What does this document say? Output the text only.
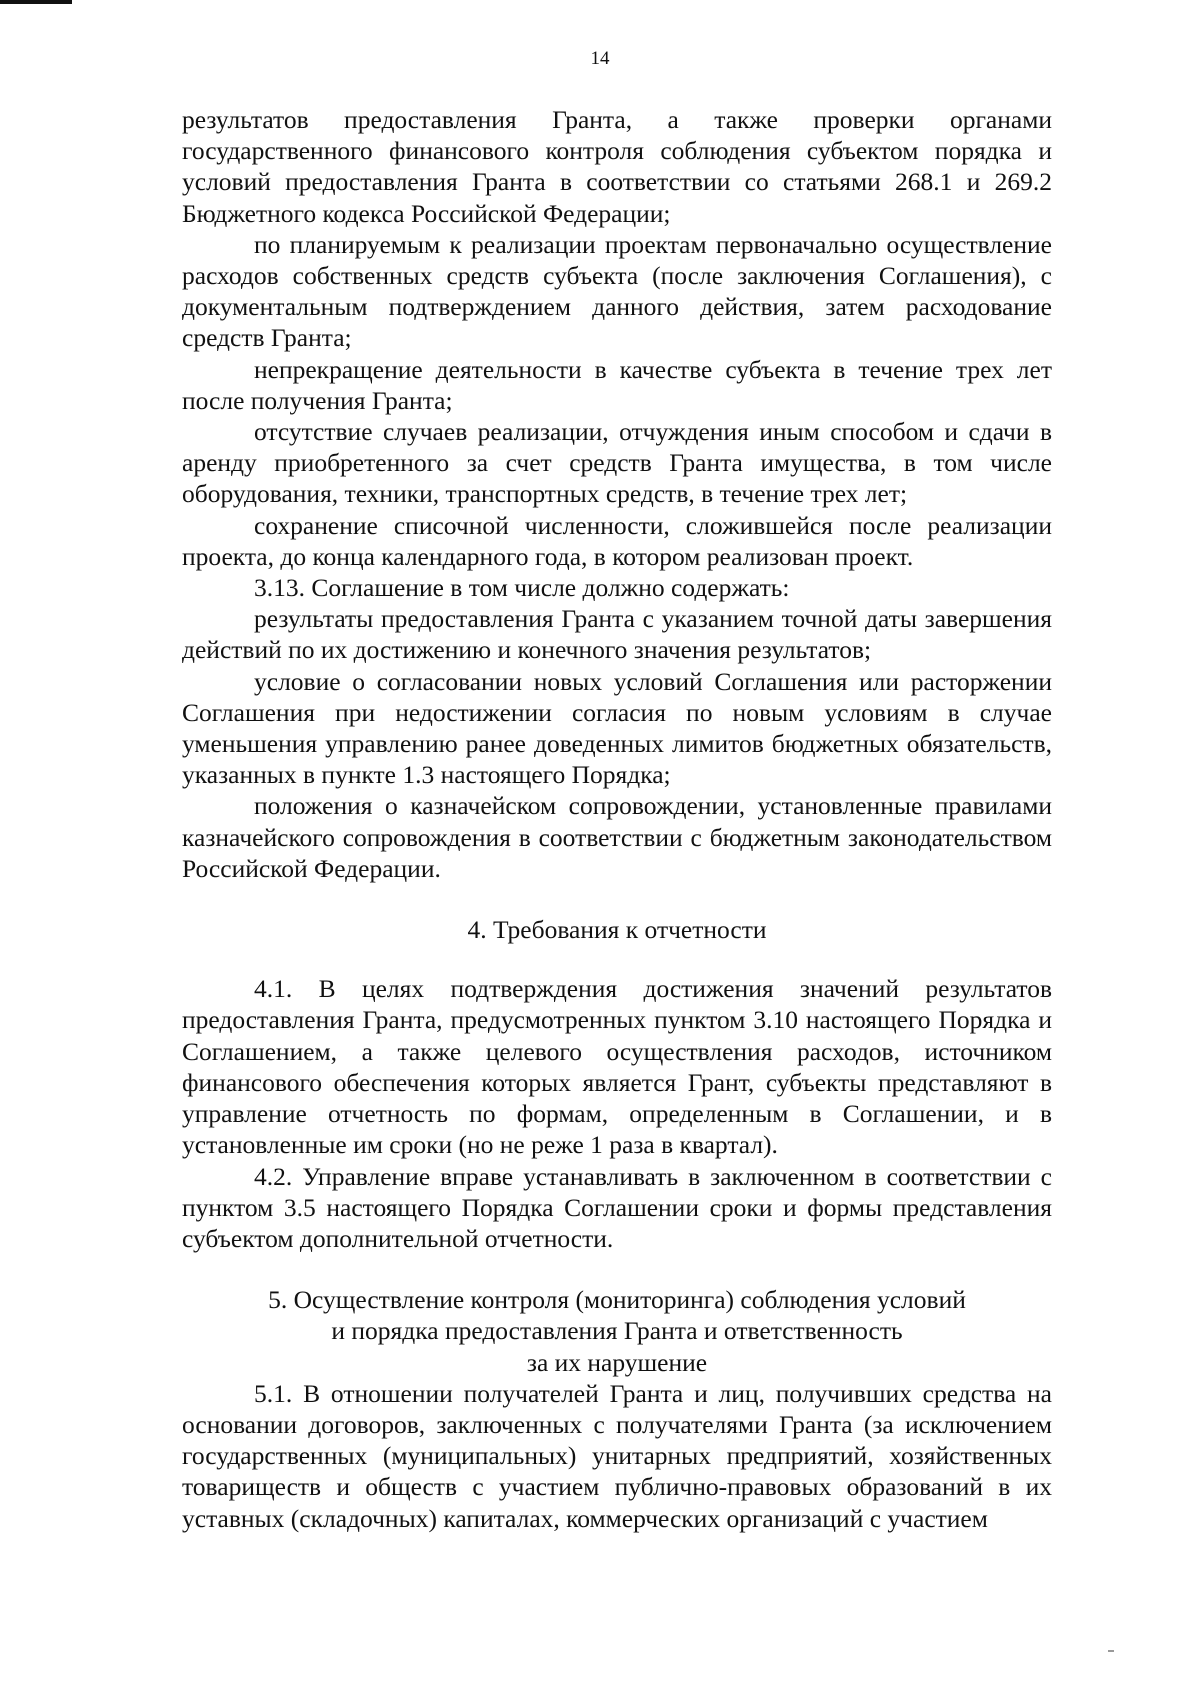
14

результатов предоставления Гранта, а также проверки органами государственного финансового контроля соблюдения субъектом порядка и условий предоставления Гранта в соответствии со статьями 268.1 и 269.2 Бюджетного кодекса Российской Федерации;

по планируемым к реализации проектам первоначально осуществление расходов собственных средств субъекта (после заключения Соглашения), с документальным подтверждением данного действия, затем расходование средств Гранта;

непрекращение деятельности в качестве субъекта в течение трех лет после получения Гранта;

отсутствие случаев реализации, отчуждения иным способом и сдачи в аренду приобретенного за счет средств Гранта имущества, в том числе оборудования, техники, транспортных средств, в течение трех лет;

сохранение списочной численности, сложившейся после реализации проекта, до конца календарного года, в котором реализован проект.

3.13. Соглашение в том числе должно содержать:

результаты предоставления Гранта с указанием точной даты завершения действий по их достижению и конечного значения результатов;

условие о согласовании новых условий Соглашения или расторжении Соглашения при недостижении согласия по новым условиям в случае уменьшения управлению ранее доведенных лимитов бюджетных обязательств, указанных в пункте 1.3 настоящего Порядка;

положения о казначейском сопровождении, установленные правилами казначейского сопровождения в соответствии с бюджетным законодательством Российской Федерации.

4. Требования к отчетности

4.1. В целях подтверждения достижения значений результатов предоставления Гранта, предусмотренных пунктом 3.10 настоящего Порядка и Соглашением, а также целевого осуществления расходов, источником финансового обеспечения которых является Грант, субъекты представляют в управление отчетность по формам, определенным в Соглашении, и в установленные им сроки (но не реже 1 раза в квартал).

4.2. Управление вправе устанавливать в заключенном в соответствии с пунктом 3.5 настоящего Порядка Соглашении сроки и формы представления субъектом дополнительной отчетности.

5. Осуществление контроля (мониторинга) соблюдения условий
и порядка предоставления Гранта и ответственность
за их нарушение

5.1. В отношении получателей Гранта и лиц, получивших средства на основании договоров, заключенных с получателями Гранта (за исключением государственных (муниципальных) унитарных предприятий, хозяйственных товариществ и обществ с участием публично-правовых образований в их уставных (складочных) капиталах, коммерческих организаций с участием
